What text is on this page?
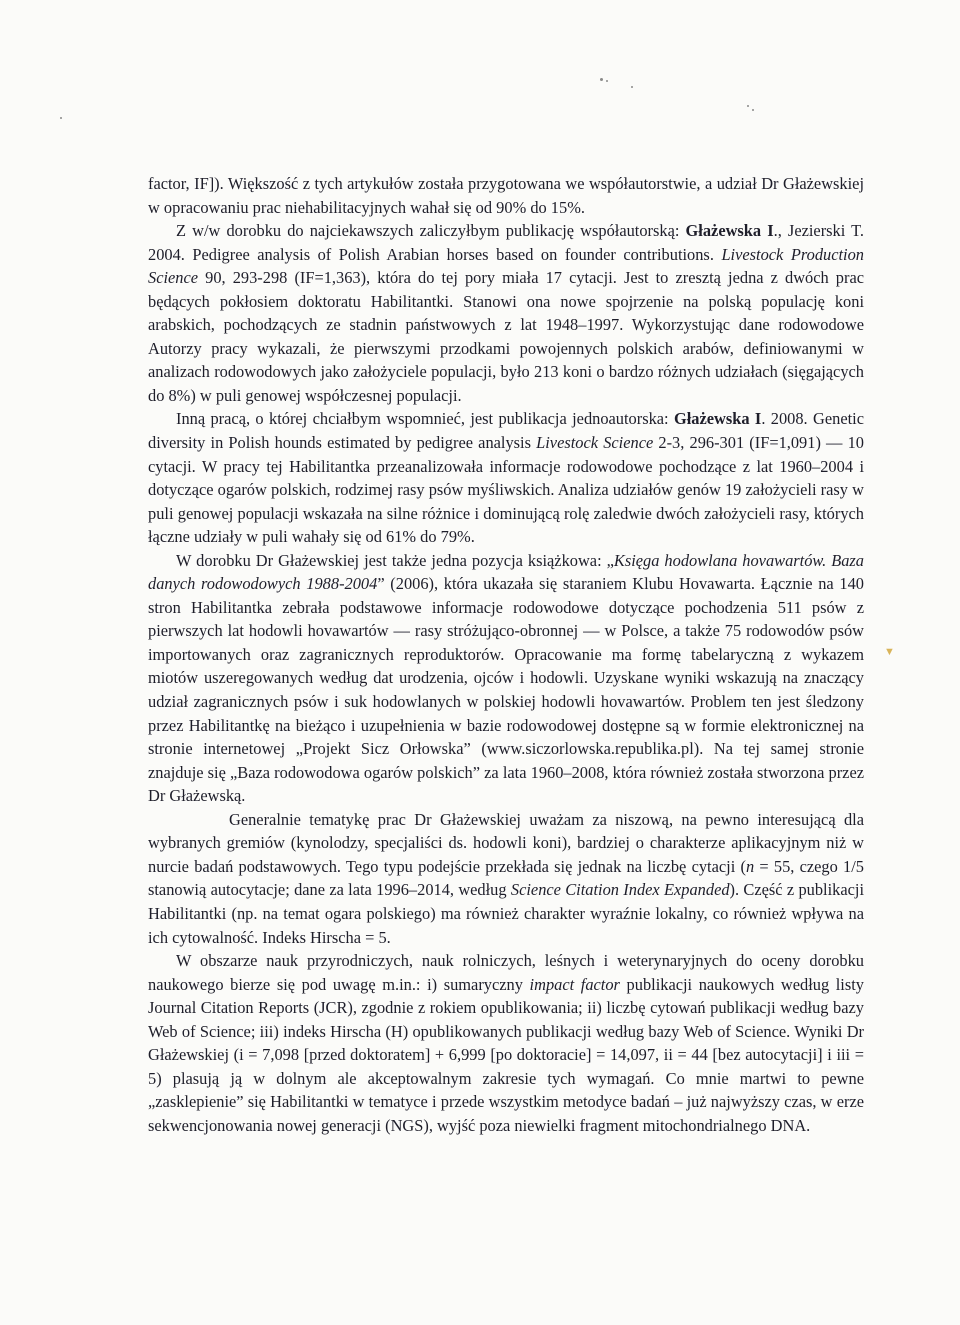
▼

factor, IF]). Większość z tych artykułów została przygotowana we współautorstwie, a udział Dr Głażewskiej w opracowaniu prac niehabilitacyjnych wahał się od 90% do 15%.

Z w/w dorobku do najciekawszych zaliczyłbym publikację współautorską: Głażewska I., Jezierski T. 2004. Pedigree analysis of Polish Arabian horses based on founder contributions. Livestock Production Science 90, 293-298 (IF=1,363), która do tej pory miała 17 cytacji. Jest to zresztą jedna z dwóch prac będących pokłosiem doktoratu Habilitantki. Stanowi ona nowe spojrzenie na polską populację koni arabskich, pochodzących ze stadnin państwowych z lat 1948–1997. Wykorzystując dane rodowodowe Autorzy pracy wykazali, że pierwszymi przodkami powojennych polskich arabów, definiowanymi w analizach rodowodowych jako założyciele populacji, było 213 koni o bardzo różnych udziałach (sięgających do 8%) w puli genowej współczesnej populacji.

Inną pracą, o której chciałbym wspomnieć, jest publikacja jednoautorska: Głażewska I. 2008. Genetic diversity in Polish hounds estimated by pedigree analysis Livestock Science 2-3, 296-301 (IF=1,091) — 10 cytacji. W pracy tej Habilitantka przeanalizowała informacje rodowodowe pochodzące z lat 1960–2004 i dotyczące ogarów polskich, rodzimej rasy psów myśliwskich. Analiza udziałów genów 19 założycieli rasy w puli genowej populacji wskazała na silne różnice i dominującą rolę zaledwie dwóch założycieli rasy, których łączne udziały w puli wahały się od 61% do 79%.

W dorobku Dr Głażewskiej jest także jedna pozycja książkowa: „Księga hodowlana hovawartów. Baza danych rodowodowych 1988-2004” (2006), która ukazała się staraniem Klubu Hovawarta. Łącznie na 140 stron Habilitantka zebrała podstawowe informacje rodowodowe dotyczące pochodzenia 511 psów z pierwszych lat hodowli hovawartów — rasy stróżująco-obronnej — w Polsce, a także 75 rodowodów psów importowanych oraz zagranicznych reproduktorów. Opracowanie ma formę tabelaryczną z wykazem miotów uszeregowanych według dat urodzenia, ojców i hodowli. Uzyskane wyniki wskazują na znaczący udział zagranicznych psów i suk hodowlanych w polskiej hodowli hovawartów. Problem ten jest śledzony przez Habilitantkę na bieżąco i uzupełnienia w bazie rodowodowej dostępne są w formie elektronicznej na stronie internetowej „Projekt Sicz Orłowska” (www.siczorlowska.republika.pl). Na tej samej stronie znajduje się „Baza rodowodowa ogarów polskich” za lata 1960–2008, która również została stworzona przez Dr Głażewską.

Generalnie tematykę prac Dr Głażewskiej uważam za niszową, na pewno interesującą dla wybranych gremiów (kynolodzy, specjaliści ds. hodowli koni), bardziej o charakterze aplikacyjnym niż w nurcie badań podstawowych. Tego typu podejście przekłada się jednak na liczbę cytacji (n = 55, czego 1/5 stanowią autocytacje; dane za lata 1996–2014, według Science Citation Index Expanded). Część z publikacji Habilitantki (np. na temat ogara polskiego) ma również charakter wyraźnie lokalny, co również wpływa na ich cytowalność. Indeks Hirscha = 5.

W obszarze nauk przyrodniczych, nauk rolniczych, leśnych i weterynaryjnych do oceny dorobku naukowego bierze się pod uwagę m.in.: i) sumaryczny impact factor publikacji naukowych według listy Journal Citation Reports (JCR), zgodnie z rokiem opublikowania; ii) liczbę cytowań publikacji według bazy Web of Science; iii) indeks Hirscha (H) opublikowanych publikacji według bazy Web of Science. Wyniki Dr Głażewskiej (i = 7,098 [przed doktoratem] + 6,999 [po doktoracie] = 14,097, ii = 44 [bez autocytacji] i iii = 5) plasują ją w dolnym ale akceptowalnym zakresie tych wymagań. Co mnie martwi to pewne „zasklepienie” się Habilitantki w tematyce i przede wszystkim metodyce badań – już najwyższy czas, w erze sekwencjonowania nowej generacji (NGS), wyjść poza niewielki fragment mitochondrialnego DNA.
